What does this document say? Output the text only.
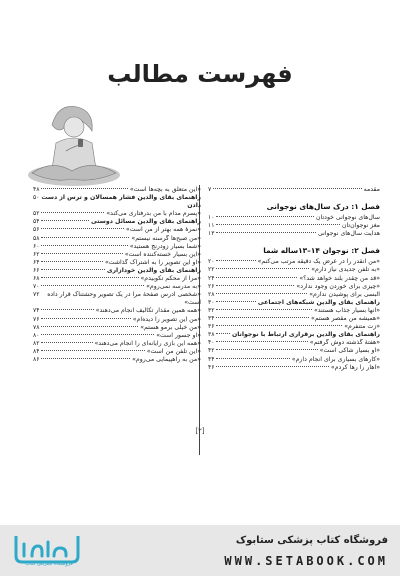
فهرست مطالب
مقدمه
۷
فصل ۱: درک سال‌های نوجوانی
سال‌های نوجوانی خودتان
۱۰
مغز نوجوان‌تان
۱۱
هدایت سال‌های نوجوانی
۱۳
فصل ۲: نوجوان ۱۴–۱۳ساله شما
«من انقدر را در عرض یک دقیقه مرتب می‌کنم»
۲۰
«به تلفن جدیدی نیاز دارم»
۲۲
«قد من چقدر بلند خواهد شد؟»
۲۴
«چیزی برای خوردن وجود ندارد»
۲۶
البسی برای پوشیدن ندارم»
۲۸
راهنمای بقای والدین شبکه‌های اجتماعی
۳۰
«آنها بسیار جذاب هستند»
۳۲
«همیشه من مقصر هستم»
۳۴
«زت متنفرم»
۳۶
راهنمای بقای والدین برقراری ارتباط با نوجوانان
۳۸
«هفتهٔ گذشته دوش گرفتم»
۴۰
«او بسیار شاکی است»
۴۲
«کارهای بسیاری برای انجام دارم»
۴۴
«اهار را رها کردم»
۴۶
«این متعلق به بچه‌ها است»
۴۸
۵۰ راهنمای بقای والدین فشار همسالان و ترس از دست دادن
«پسرم مدام با من بدرفتاری می‌کند»
۵۲
راهنمای بقای والدین مسائل دوستی
۵۴
«نمرهٔ همه بهتر از من است»
۵۶
«من صبح‌ها گرسنه نیستم»
۵۸
«شما بسیار زودرنج هستید»
۶۰
«این بسیار خسته‌کننده است»
۶۲
«او این تصویر را به اشتراک گذاشت»
۶۴
راهنمای بقای والدین خودآزاری
۶۶
«مرا از محکم تکوبید‌م»
۶۸
«به مدرسه نمی‌روم»
۷۰
۷۲ «شخصی آدرس صفحهٔ مرا در یک تصویر وحشتناک قرار داده است»
«همه همین مقدار تکالیف انجام می‌دهند»
۷۴
«من این تصویر را دیده‌ام»
۷۶
«من خیلی برمو هستم»
۷۸
«او جسور است»
۸۰
«همه این بازی رایانه‌ای را انجام می‌دهند»
۸۲
«این تلفن من است»
۸۴
«من به راهپیمایی می‌روم»
۸۶
[۲]
فروشگاه اینترنتی کتاب
فروشگاه کتاب پزشکی ستابوک
WWW.SETABOOK.COM
